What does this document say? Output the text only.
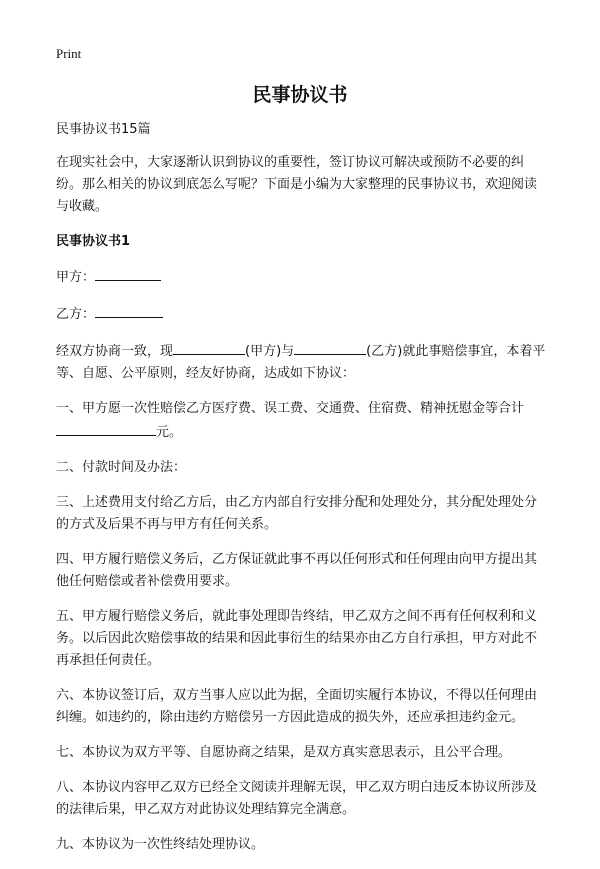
Print
民事协议书

民事协议书15篇

在现实社会中，大家逐渐认识到协议的重要性，签订协议可解决或预防不必要的纠纷。那么相关的协议到底怎么写呢？下面是小编为大家整理的民事协议书，欢迎阅读与收藏。

民事协议书1

甲方：

乙方：

经双方协商一致，现	(甲方)与	(乙方)就此事赔偿事宜，本着平等、自愿、公平原则，经友好协商，达成如下协议：

一、甲方愿一次性赔偿乙方医疗费、误工费、交通费、住宿费、精神抚慰金等合计元。

二、付款时间及办法：

三、上述费用支付给乙方后，由乙方内部自行安排分配和处理处分，其分配处理处分的方式及后果不再与甲方有任何关系。

四、甲方履行赔偿义务后，乙方保证就此事不再以任何形式和任何理由向甲方提出其他任何赔偿或者补偿费用要求。

五、甲方履行赔偿义务后，就此事处理即告终结，甲乙双方之间不再有任何权利和义务。以后因此次赔偿事故的结果和因此事衍生的结果亦由乙方自行承担，甲方对此不再承担任何责任。

六、本协议签订后，双方当事人应以此为据，全面切实履行本协议，不得以任何理由纠缠。如违约的，除由违约方赔偿另一方因此造成的损失外，还应承担违约金元。

七、本协议为双方平等、自愿协商之结果，是双方真实意思表示，且公平合理。

八、本协议内容甲乙双方已经全文阅读并理解无误，甲乙双方明白违反本协议所涉及的法律后果，甲乙双方对此协议处理结算完全满意。

九、本协议为一次性终结处理协议。
